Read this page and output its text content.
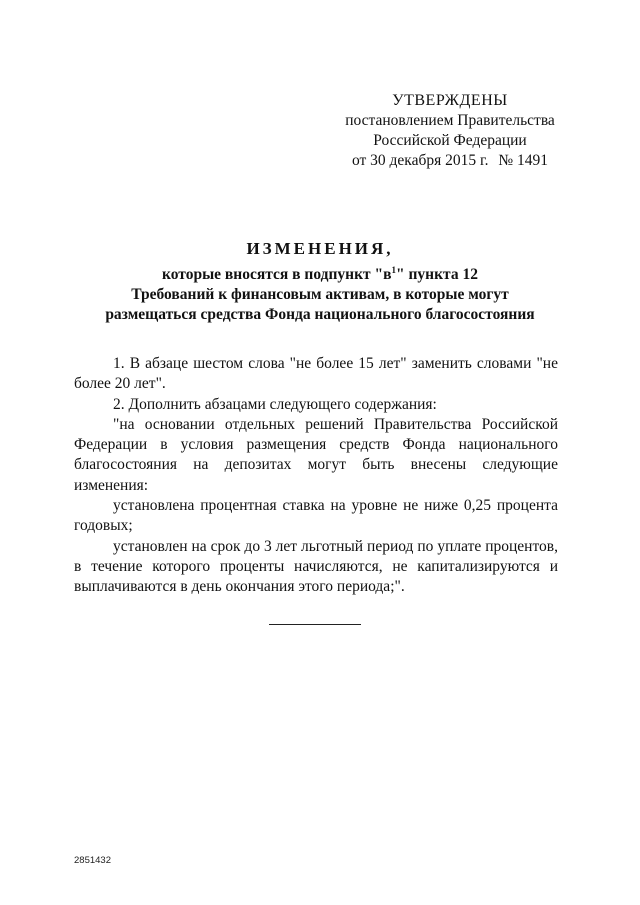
УТВЕРЖДЕНЫ
постановлением Правительства
Российской Федерации
от 30 декабря 2015 г. № 1491
ИЗМЕНЕНИЯ,
которые вносятся в подпункт "$в^1$" пункта 12
Требований к финансовым активам, в которые могут
размещаться средства Фонда национального благосостояния

1. В абзаце шестом слова "не более 15 лет" заменить словами "не более 20 лет".

2. Дополнить абзацами следующего содержания:

"на основании отдельных решений Правительства Российской Федерации в условия размещения средств Фонда национального благосостояния на депозитах могут быть внесены следующие изменения:

установлена процентная ставка на уровне не ниже 0,25 процента годовых;

установлен на срок до 3 лет льготный период по уплате процентов, в течение которого проценты начисляются, не капитализируются и выплачиваются в день окончания этого периода;".

2851432
